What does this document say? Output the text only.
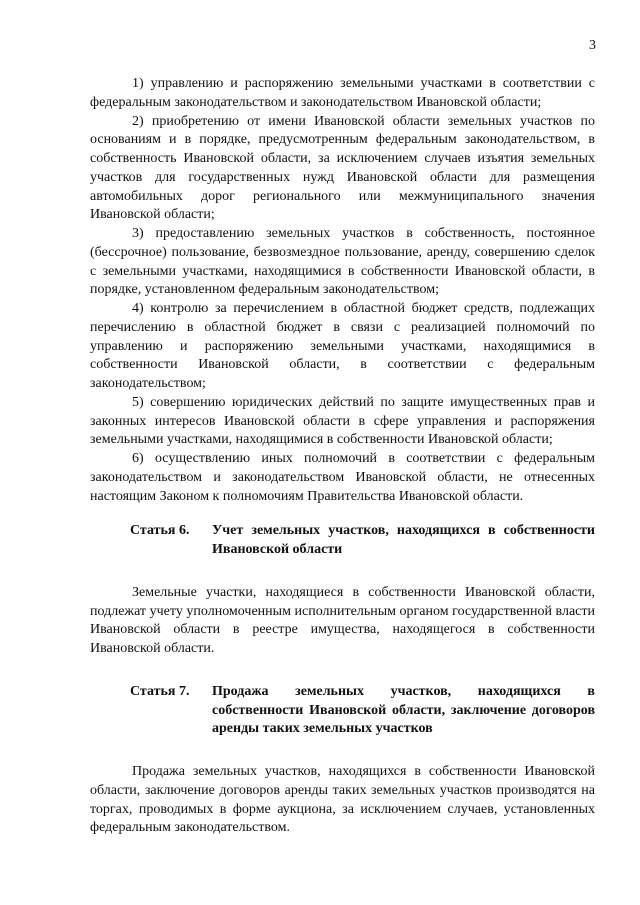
3

1) управлению и распоряжению земельными участками в соответствии с федеральным законодательством и законодательством Ивановской области;

2) приобретению от имени Ивановской области земельных участков по основаниям и в порядке, предусмотренным федеральным законодательством, в собственность Ивановской области, за исключением случаев изъятия земельных участков для государственных нужд Ивановской области для размещения автомобильных дорог регионального или межмуниципального значения Ивановской области;

3) предоставлению земельных участков в собственность, постоянное (бессрочное) пользование, безвозмездное пользование, аренду, совершению сделок с земельными участками, находящимися в собственности Ивановской области, в порядке, установленном федеральным законодательством;

4) контролю за перечислением в областной бюджет средств, подлежащих перечислению в областной бюджет в связи с реализацией полномочий по управлению и распоряжению земельными участками, находящимися в собственности Ивановской области, в соответствии с федеральным законодательством;

5) совершению юридических действий по защите имущественных прав и законных интересов Ивановской области в сфере управления и распоряжения земельными участками, находящимися в собственности Ивановской области;

6) осуществлению иных полномочий в соответствии с федеральным законодательством и законодательством Ивановской области, не отнесенных настоящим Законом к полномочиям Правительства Ивановской области.

Статья 6.	Учет земельных участков, находящихся в собственности Ивановской области

Земельные участки, находящиеся в собственности Ивановской области, подлежат учету уполномоченным исполнительным органом государственной власти Ивановской области в реестре имущества, находящегося в собственности Ивановской области.

Статья 7.	Продажа земельных участков, находящихся в собственности Ивановской области, заключение договоров аренды таких земельных участков

Продажа земельных участков, находящихся в собственности Ивановской области, заключение договоров аренды таких земельных участков производятся на торгах, проводимых в форме аукциона, за исключением случаев, установленных федеральным законодательством.
